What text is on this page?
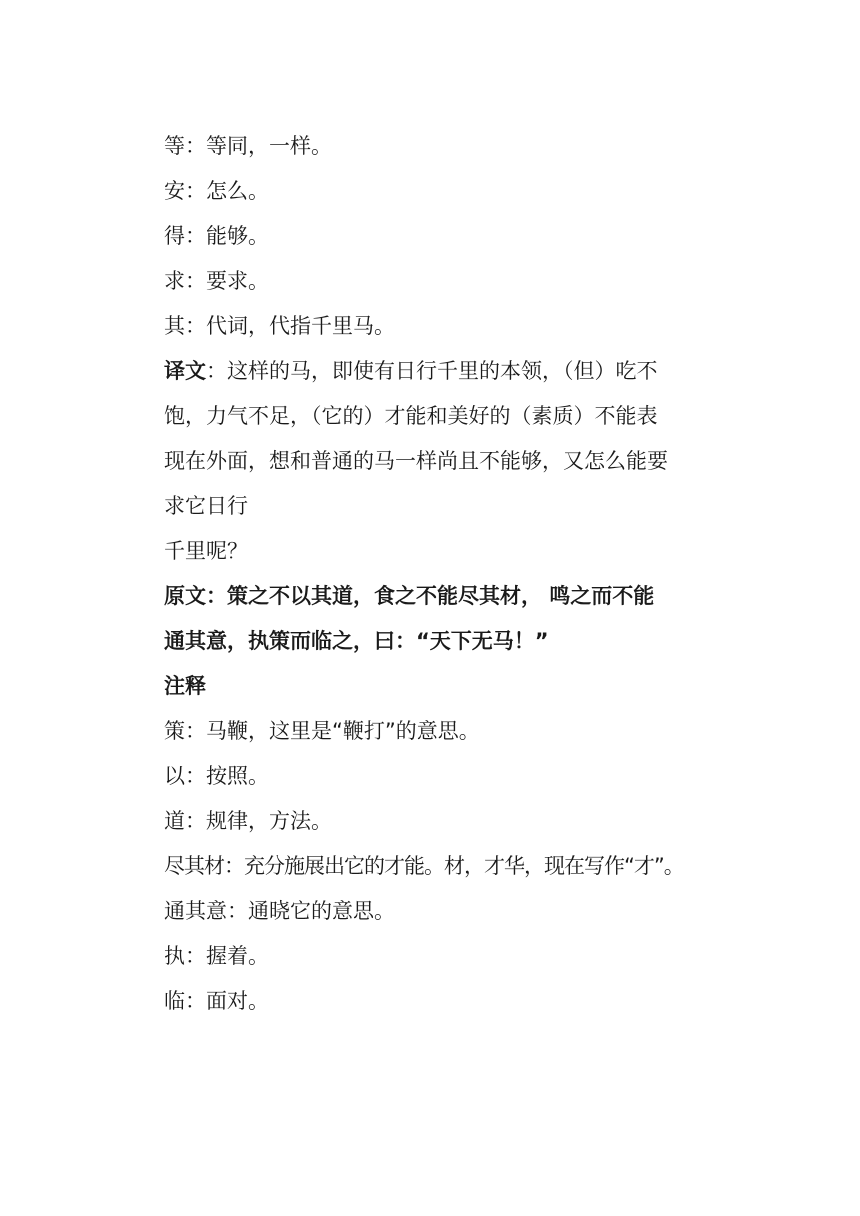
等：等同，一样。
安：怎么。
得：能够。
求：要求。
其：代词，代指千里马。
译文：这样的马，即使有日行千里的本领，（但）吃不
饱，力气不足，（它的）才能和美好的（素质）不能表
现在外面，想和普通的马一样尚且不能够，又怎么能要
求它日行
千里呢？
原文：策之不以其道，食之不能尽其材， 鸣之而不能
通其意，执策而临之，曰：“天下无马！”
注释
策：马鞭，这里是“鞭打”的意思。
以：按照。
道：规律，方法。
尽其材：充分施展出它的才能。材，才华，现在写作“才”。
通其意：通晓它的意思。
执：握着。
临：面对。
